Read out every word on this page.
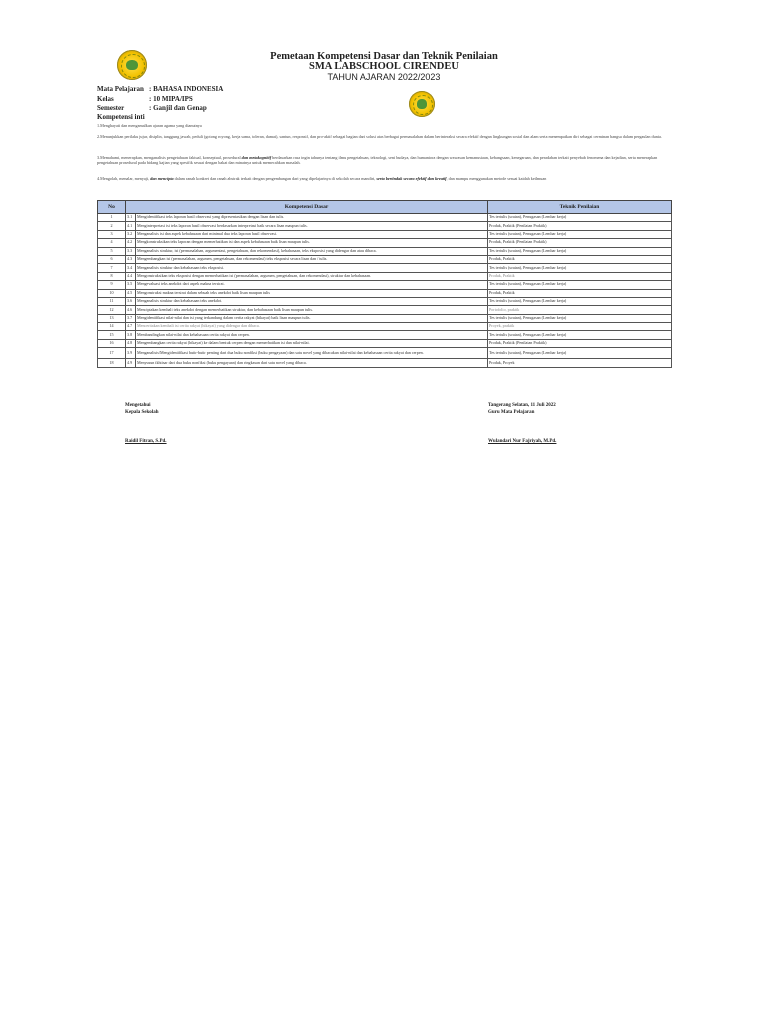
Pemetaan Kompetensi Dasar dan Teknik Penilaian
SMA LABSCHOOL CIRENDEU
TAHUN AJARAN 2022/2023
Mata Pelajaran : BAHASA INDONESIA
Kelas	: 10 MIPA/IPS
Semester	: Ganjil dan Genap
Kompetensi inti
1.Menghayati dan mengamalkan ajaran agama yang dianutnya
2.Menunjukkan perilaku jujur, disiplin, tanggung jawab, peduli (gotong royong, kerja sama, toleran, damai), santun, responsif, dan pro-aktif sebagai bagian dari solusi atas berbagai permasalahan dalam berinteraksi secara efektif dengan lingkungan sosial dan alam serta menempatkan diri sebagai cerminan bangsa dalam pergaulan dunia.
3.Memahami, menerapkan, menganalisis pengetahuan faktual, konseptual, prosedural dan metakognitif berdasarkan rasa ingin tahunya tentang ilmu pengetahuan, teknologi, seni budaya, dan humaniora dengan wawasan kemanusiaan, kebangsaan, kenegaraan, dan peradaban terkait penyebab fenomena dan kejadian, serta menerapkan pengetahuan prosedural pada bidang kajian yang spesifik sesuai dengan bakat dan minatnya untuk memecahkan masalah.
4.Mengolah, menalar, menyaji, dan mencipta dalam ranah konkret dan ranah abstrak terkait dengan pengembangan dari yang dipelajarinya di sekolah secara mandiri, serta bertindak secara efektif dan kreatif, dan mampu menggunakan metode sesuai kaidah keilmuan
No	Kompetensi Dasar		Teknik Penilaian
1	3.1	Mengidentifikasi teks laporan hasil observasi yang dipresentasikan dengan lisan dan tulis.	Tes tertulis (uraian), Penugasan (Lembar kerja)
2	4.1	Menginterpretasi isi teks laporan hasil observasi berdasarkan interpretasi baik secara lisan maupun tulis.	Produk, Praktik (Penilaian Praktik)
3	3.2	Menganalisis isi dan aspek kebahasaan dari minimal dua teks laporan hasil observasi.	Tes tertulis (uraian), Penugasan (Lembar kerja)
4	4.2	Mengkonstruksikan teks laporan dengan memerhatikan isi dan aspek kebahasaan baik lisan maupun tulis.	Produk, Praktik (Penilaian Praktik)
5	3.3	Menganalisis struktur, isi (permasalahan, argumentasi, pengetahuan, dan rekomendasi), kebahasaan, teks eksposisi yang didengar dan atau dibaca.	Tes tertulis (uraian), Penugasan (Lembar kerja)
6	4.3	Mengembangkan isi (permasalahan, argumen, pengetahuan, dan rekomendasi) teks eksposisi secara lisan dan / tulis.	Produk, Praktik
7	3.4	Menganalisis struktur dan kebahasaan teks eksposisi.	Tes tertulis (uraian), Penugasan (Lembar kerja)
8	4.4	Mengonstruksikan teks eksposisi dengan memerhatikan isi (permasalahan, argumen, pengetahuan, dan rekomendasi), struktur dan kebahasaan.	Produk, Praktik
9	3.5	Mengevaluasi teks anekdot dari aspek makna tersirat.	Tes tertulis (uraian), Penugasan (Lembar kerja)
10	4.5	Mengonstruksi makna tersirat dalam sebuah teks anekdot baik lisan maupun tulis	Produk, Praktik
11	3.6	Menganalisis struktur dan kebahasaan teks anekdot.	Tes tertulis (uraian), Penugasan (Lembar kerja)
12	4.6	Menciptakan kembali teks anekdot dengan memerhatikan struktur, dan kebahasaan baik lisan maupun tulis.	Portofolio, praktik
13	3.7	Mengidentifikasi nilai-nilai dan isi yang terkandung dalam cerita rakyat (hikayat) baik lisan maupun tulis.	Tes tertulis (uraian), Penugasan (Lembar kerja)
14	4.7	Menceritakan kembali isi cerita rakyat (hikayat) yang didengar dan dibaca.	Proyek, praktik
15	3.8	Membandingkan nilai-nilai dan kebahasaan cerita rakyat dan cerpen.	Tes tertulis (uraian), Penugasan (Lembar kerja)
16	4.8	Mengembangkan cerita rakyat (hikayat) ke dalam bentuk cerpen dengan memerhatikan isi dan nilai-nilai.	Produk, Praktik (Penilaian Praktik)
17	3.9	Menganalisis/Mengidentifikasi butir-butir penting dari dua buku nonfiksi (buku pengayaan) dan satu novel yang dibacakan nilai-nilai dan kebahasaan cerita rakyat dan cerpen.	Tes tertulis (uraian), Penugasan (Lembar kerja)
18	4.9	Menyusun ikhtisar dari dua buku nonfiksi (buku pengayaan) dan ringkasan dari satu novel yang dibaca.	Produk, Proyek
Mengetahui
Kepala Sekolah
Tangerang Selatan, 11 Juli 2022
Guru Mata Pelajaran
Raidil Fitran, S.Pd.	Wulandari Nur Fajriyah, M.Pd.
